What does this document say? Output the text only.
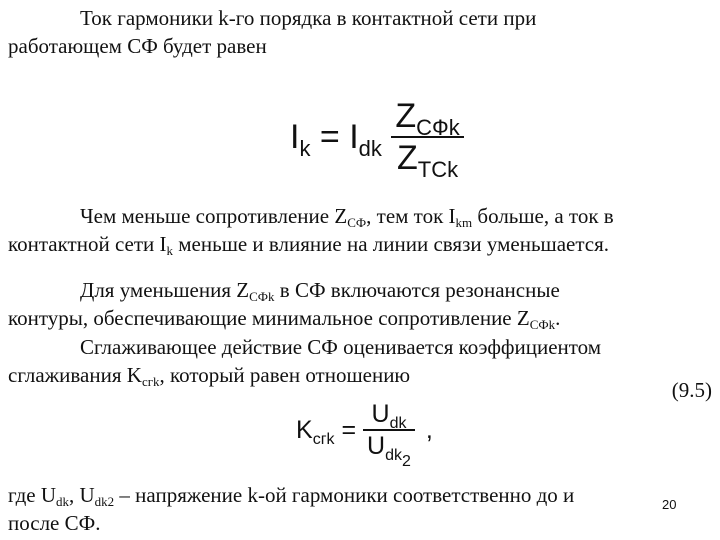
Ток гармоники k-го порядка в контактной сети при
работающем СФ будет равен
$I_k = I_{dk} \frac{Z_{СФk}}{Z_{ТСk}}$
Чем меньше сопротивление $Z_{СФ}$, тем ток $I_{km}$ больше, а ток в
контактной сети $I_k$ меньше и влияние на линии связи уменьшается.
Для уменьшения $Z_{СФk}$ в СФ включаются резонансные
контуры, обеспечивающие минимальное сопротивление $Z_{СФk}$.
Сглаживающее действие СФ оценивается коэффициентом
сглаживания $K_{сгk}$, который равен отношению
(9.5)
$K_{сгk} = \frac{U_{dk}}{U_{dk2}}$ ,
где $U_{dk}$, $U_{dk2}$ – напряжение k-ой гармоники соответственно до и
после СФ.
20
